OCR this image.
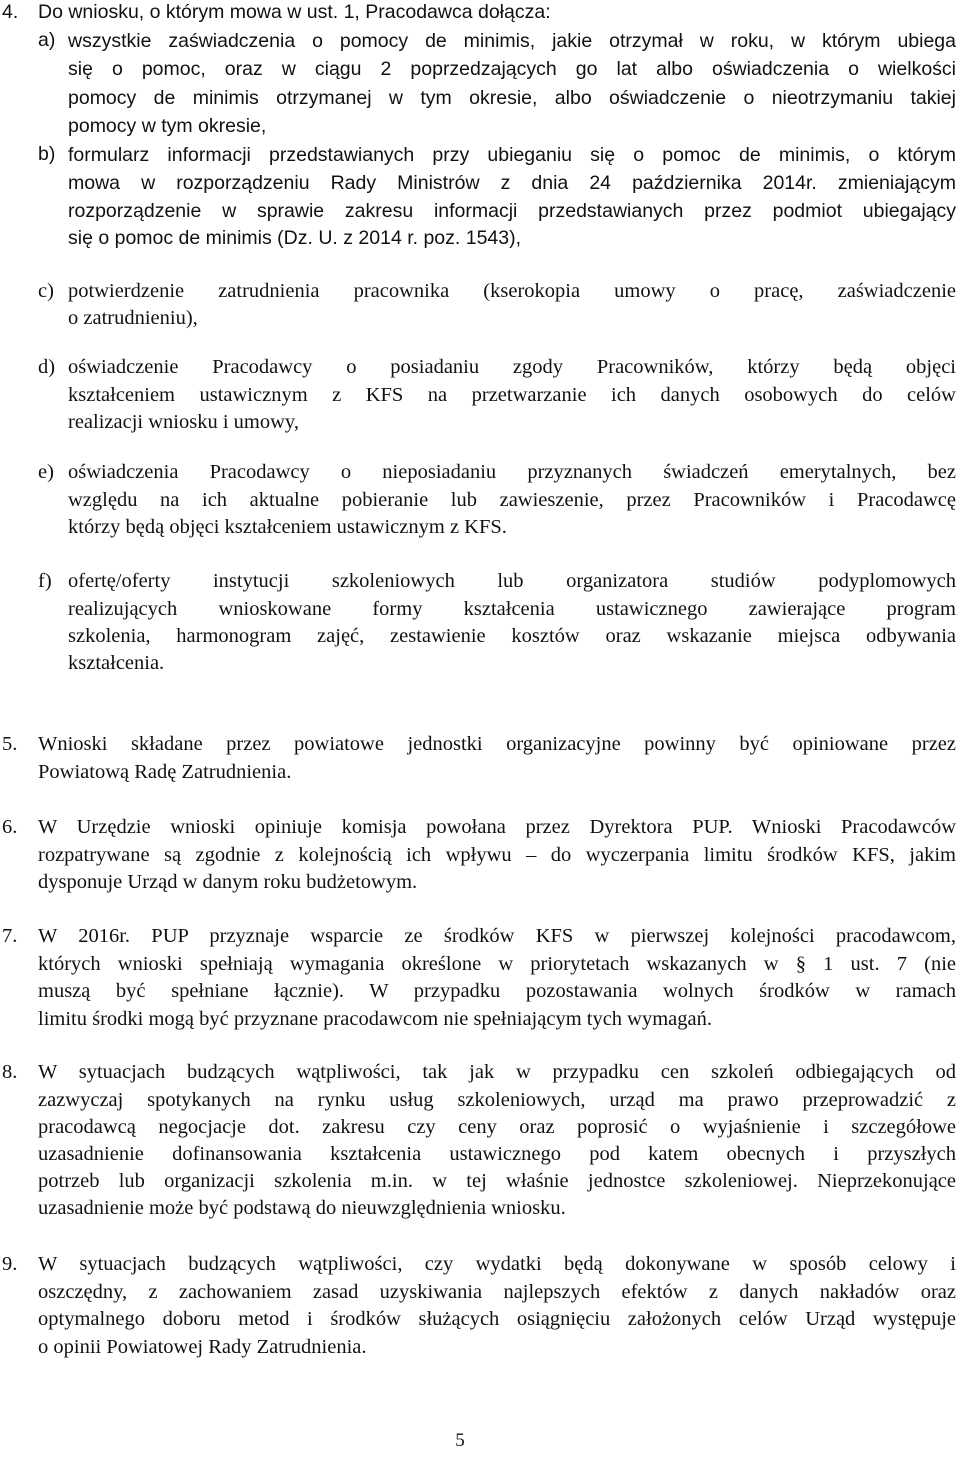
4. Do wniosku, o którym mowa w ust. 1, Pracodawca dołącza:
a) wszystkie zaświadczenia o pomocy de minimis, jakie otrzymał w roku, w którym ubiega
się o pomoc, oraz w ciągu 2 poprzedzających go lat albo oświadczenia o wielkości
pomocy de minimis otrzymanej w tym okresie, albo oświadczenie o nieotrzymaniu takiej
pomocy w tym okresie,
b) formularz informacji przedstawianych przy ubieganiu się o pomoc de minimis, o którym
mowa w rozporządzeniu Rady Ministrów z dnia 24 października 2014r. zmieniającym
rozporządzenie w sprawie zakresu informacji przedstawianych przez podmiot ubiegający
się o pomoc de minimis (Dz. U. z 2014 r. poz. 1543),
c) potwierdzenie zatrudnienia pracownika (kserokopia umowy o pracę, zaświadczenie
o zatrudnieniu),
d) oświadczenie Pracodawcy o posiadaniu zgody Pracowników, którzy będą objęci
kształceniem ustawicznym z KFS na przetwarzanie ich danych osobowych do celów
realizacji wniosku i umowy,
e) oświadczenia Pracodawcy o nieposiadaniu przyznanych świadczeń emerytalnych, bez
względu na ich aktualne pobieranie lub zawieszenie, przez Pracowników i Pracodawcę
którzy będą objęci kształceniem ustawicznym z KFS.
f) ofertę/oferty instytucji szkoleniowych lub organizatora studiów podyplomowych
realizujących wnioskowane formy kształcenia ustawicznego zawierające program
szkolenia, harmonogram zajęć, zestawienie kosztów oraz wskazanie miejsca odbywania
kształcenia.
5. Wnioski składane przez powiatowe jednostki organizacyjne powinny być opiniowane przez
Powiatową Radę Zatrudnienia.
6. W Urzędzie wnioski opiniuje komisja powołana przez Dyrektora PUP. Wnioski Pracodawców
rozpatrywane są zgodnie z kolejnością ich wpływu – do wyczerpania limitu środków KFS, jakim
dysponuje Urząd w danym roku budżetowym.
7. W 2016r. PUP przyznaje wsparcie ze środków KFS w pierwszej kolejności pracodawcom,
których wnioski spełniają wymagania określone w priorytetach wskazanych w § 1 ust. 7 (nie
muszą być spełniane łącznie). W przypadku pozostawania wolnych środków w ramach
limitu środki mogą być przyznane pracodawcom nie spełniającym tych wymagań.
8. W sytuacjach budzących wątpliwości, tak jak w przypadku cen szkoleń odbiegających od
zazwyczaj spotykanych na rynku usług szkoleniowych, urząd ma prawo przeprowadzić z
pracodawcą negocjacje dot. zakresu czy ceny oraz poprosić o wyjaśnienie i szczegółowe
uzasadnienie dofinansowania kształcenia ustawicznego pod katem obecnych i przyszłych
potrzeb lub organizacji szkolenia m.in. w tej właśnie jednostce szkoleniowej. Nieprzekonujące
uzasadnienie może być podstawą do nieuwzględnienia wniosku.
9. W sytuacjach budzących wątpliwości, czy wydatki będą dokonywane w sposób celowy i
oszczędny, z zachowaniem zasad uzyskiwania najlepszych efektów z danych nakładów oraz
optymalnego doboru metod i środków służących osiągnięciu założonych celów Urząd występuje
o opinii Powiatowej Rady Zatrudnienia.
5
